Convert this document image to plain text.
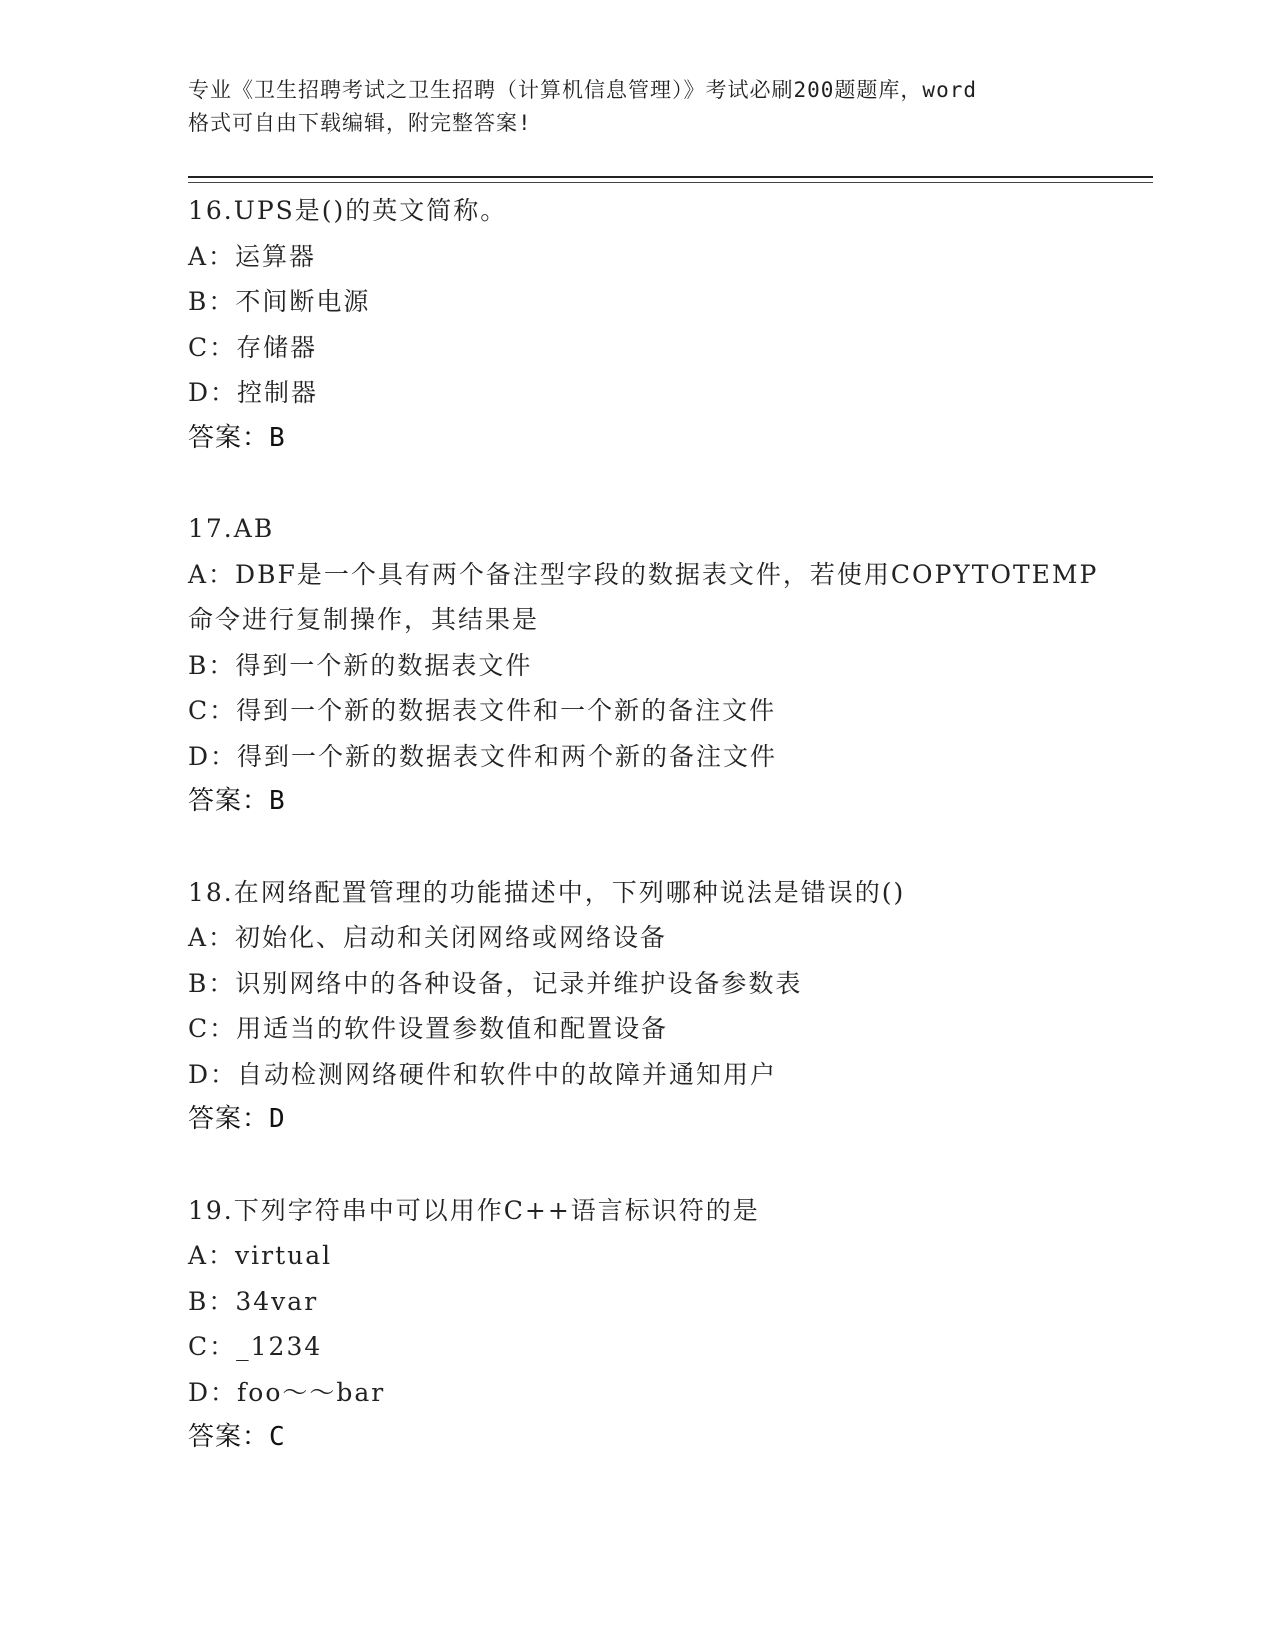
专业《卫生招聘考试之卫生招聘（计算机信息管理）》考试必刷200题题库，word
格式可自由下载编辑，附完整答案!
16.UPS是()的英文简称。
A：运算器
B：不间断电源
C：存储器
D：控制器
答案：B
17.AB
A：DBF是一个具有两个备注型字段的数据表文件，若使用COPYTOTEMP
命令进行复制操作，其结果是
B：得到一个新的数据表文件
C：得到一个新的数据表文件和一个新的备注文件
D：得到一个新的数据表文件和两个新的备注文件
答案：B
18.在网络配置管理的功能描述中，下列哪种说法是错误的()
A：初始化、启动和关闭网络或网络设备
B：识别网络中的各种设备，记录并维护设备参数表
C：用适当的软件设置参数值和配置设备
D：自动检测网络硬件和软件中的故障并通知用户
答案：D
19.下列字符串中可以用作C++语言标识符的是
A：virtual
B：34var
C：_1234
D：foo～～bar
答案：C
